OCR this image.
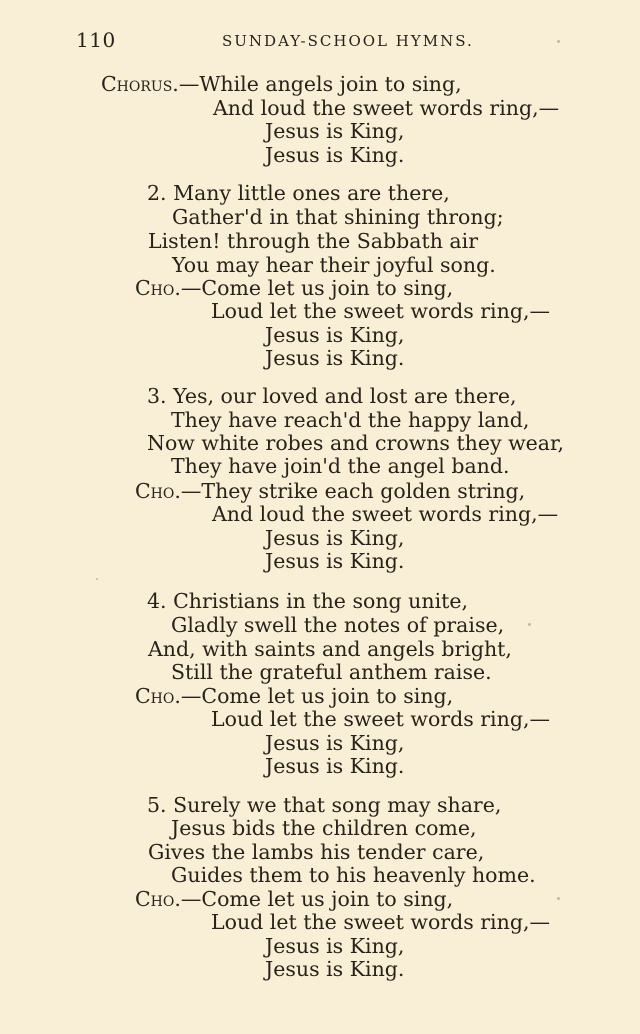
110	SUNDAY-SCHOOL HYMNS.
Chorus.—While angels join to sing,
And loud the sweet words ring,—
Jesus is King,
Jesus is King.
2. Many little ones are there,
Gather'd in that shining throng;
Listen! through the Sabbath air
You may hear their joyful song.
Cho.—Come let us join to sing,
Loud let the sweet words ring,—
Jesus is King,
Jesus is King.
3. Yes, our loved and lost are there,
They have reach'd the happy land,
Now white robes and crowns they wear,
They have join'd the angel band.
Cho.—They strike each golden string,
And loud the sweet words ring,—
Jesus is King,
Jesus is King.
4. Christians in the song unite,
Gladly swell the notes of praise,
And, with saints and angels bright,
Still the grateful anthem raise.
Cho.—Come let us join to sing,
Loud let the sweet words ring,—
Jesus is King,
Jesus is King.
5. Surely we that song may share,
Jesus bids the children come,
Gives the lambs his tender care,
Guides them to his heavenly home.
Cho.—Come let us join to sing,
Loud let the sweet words ring,—
Jesus is King,
Jesus is King.
